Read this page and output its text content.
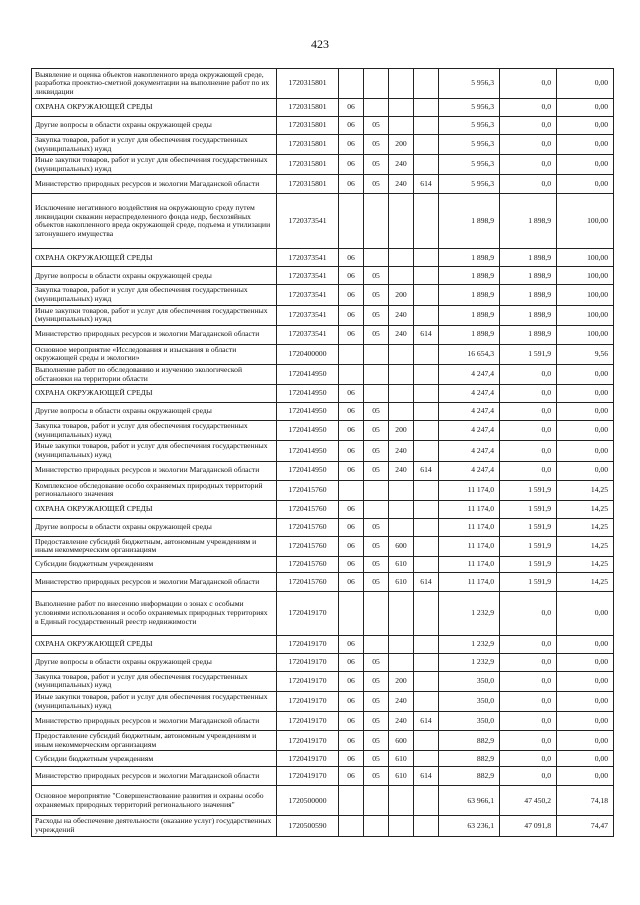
423
Выявление и оценка объектов накопленного вреда окружающей среде, разработка проектно-сметной документации на выполнение работ по их ликвидации	1720315801					5 956,3	0,0	0,00
ОХРАНА ОКРУЖАЮЩЕЙ СРЕДЫ	1720315801	06				5 956,3	0,0	0,00
Другие вопросы в области охраны окружающей среды	1720315801	06	05			5 956,3	0,0	0,00
Закупка товаров, работ и услуг для обеспечения государственных (муниципальных) нужд	1720315801	06	05	200		5 956,3	0,0	0,00
Иные закупки товаров, работ и услуг для обеспечения государственных (муниципальных) нужд	1720315801	06	05	240		5 956,3	0,0	0,00
Министерство природных ресурсов и экологии Магаданской области	1720315801	06	05	240	614	5 956,3	0,0	0,00
Исключение негативного воздействия на окружающую среду путем ликвидации скважин нераспределенного фонда недр, бесхозяйных объектов накопленного вреда окружающей среде, подъема и утилизации затонувшего имущества	1720373541					1 898,9	1 898,9	100,00
ОХРАНА ОКРУЖАЮЩЕЙ СРЕДЫ	1720373541	06				1 898,9	1 898,9	100,00
Другие вопросы в области охраны окружающей среды	1720373541	06	05			1 898,9	1 898,9	100,00
Закупка товаров, работ и услуг для обеспечения государственных (муниципальных) нужд	1720373541	06	05	200		1 898,9	1 898,9	100,00
Иные закупки товаров, работ и услуг для обеспечения государственных (муниципальных) нужд	1720373541	06	05	240		1 898,9	1 898,9	100,00
Министерство природных ресурсов и экологии Магаданской области	1720373541	06	05	240	614	1 898,9	1 898,9	100,00
Основное мероприятие «Исследования и изыскания в области окружающей среды и экологии»	1720400000					16 654,3	1 591,9	9,56
Выполнение работ по обследованию и изучению экологической обстановки на территории области	1720414950					4 247,4	0,0	0,00
ОХРАНА ОКРУЖАЮЩЕЙ СРЕДЫ	1720414950	06				4 247,4	0,0	0,00
Другие вопросы в области охраны окружающей среды	1720414950	06	05			4 247,4	0,0	0,00
Закупка товаров, работ и услуг для обеспечения государственных (муниципальных) нужд	1720414950	06	05	200		4 247,4	0,0	0,00
Иные закупки товаров, работ и услуг для обеспечения государственных (муниципальных) нужд	1720414950	06	05	240		4 247,4	0,0	0,00
Министерство природных ресурсов и экологии Магаданской области	1720414950	06	05	240	614	4 247,4	0,0	0,00
Комплексное обследование особо охраняемых природных территорий регионального значения	1720415760					11 174,0	1 591,9	14,25
ОХРАНА ОКРУЖАЮЩЕЙ СРЕДЫ	1720415760	06				11 174,0	1 591,9	14,25
Другие вопросы в области охраны окружающей среды	1720415760	06	05			11 174,0	1 591,9	14,25
Предоставление субсидий бюджетным, автономным учреждениям и иным некоммерческим организациям	1720415760	06	05	600		11 174,0	1 591,9	14,25
Субсидии бюджетным учреждениям	1720415760	06	05	610		11 174,0	1 591,9	14,25
Министерство природных ресурсов и экологии Магаданской области	1720415760	06	05	610	614	11 174,0	1 591,9	14,25
Выполнение работ по внесению информации о зонах с особыми условиями использования и особо охраняемых природных территориях в Единый государственный реестр недвижимости	1720419170					1 232,9	0,0	0,00
ОХРАНА ОКРУЖАЮЩЕЙ СРЕДЫ	1720419170	06				1 232,9	0,0	0,00
Другие вопросы в области охраны окружающей среды	1720419170	06	05			1 232,9	0,0	0,00
Закупка товаров, работ и услуг для обеспечения государственных (муниципальных) нужд	1720419170	06	05	200		350,0	0,0	0,00
Иные закупки товаров, работ и услуг для обеспечения государственных (муниципальных) нужд	1720419170	06	05	240		350,0	0,0	0,00
Министерство природных ресурсов и экологии Магаданской области	1720419170	06	05	240	614	350,0	0,0	0,00
Предоставление субсидий бюджетным, автономным учреждениям и иным некоммерческим организациям	1720419170	06	05	600		882,9	0,0	0,00
Субсидии бюджетным учреждениям	1720419170	06	05	610		882,9	0,0	0,00
Министерство природных ресурсов и экологии Магаданской области	1720419170	06	05	610	614	882,9	0,0	0,00
Основное мероприятие "Совершенствование развития и охраны особо охраняемых природных территорий регионального значения"	1720500000					63 966,1	47 450,2	74,18
Расходы на обеспечение деятельности (оказание услуг) государственных учреждений	1720500590					63 236,1	47 091,8	74,47
